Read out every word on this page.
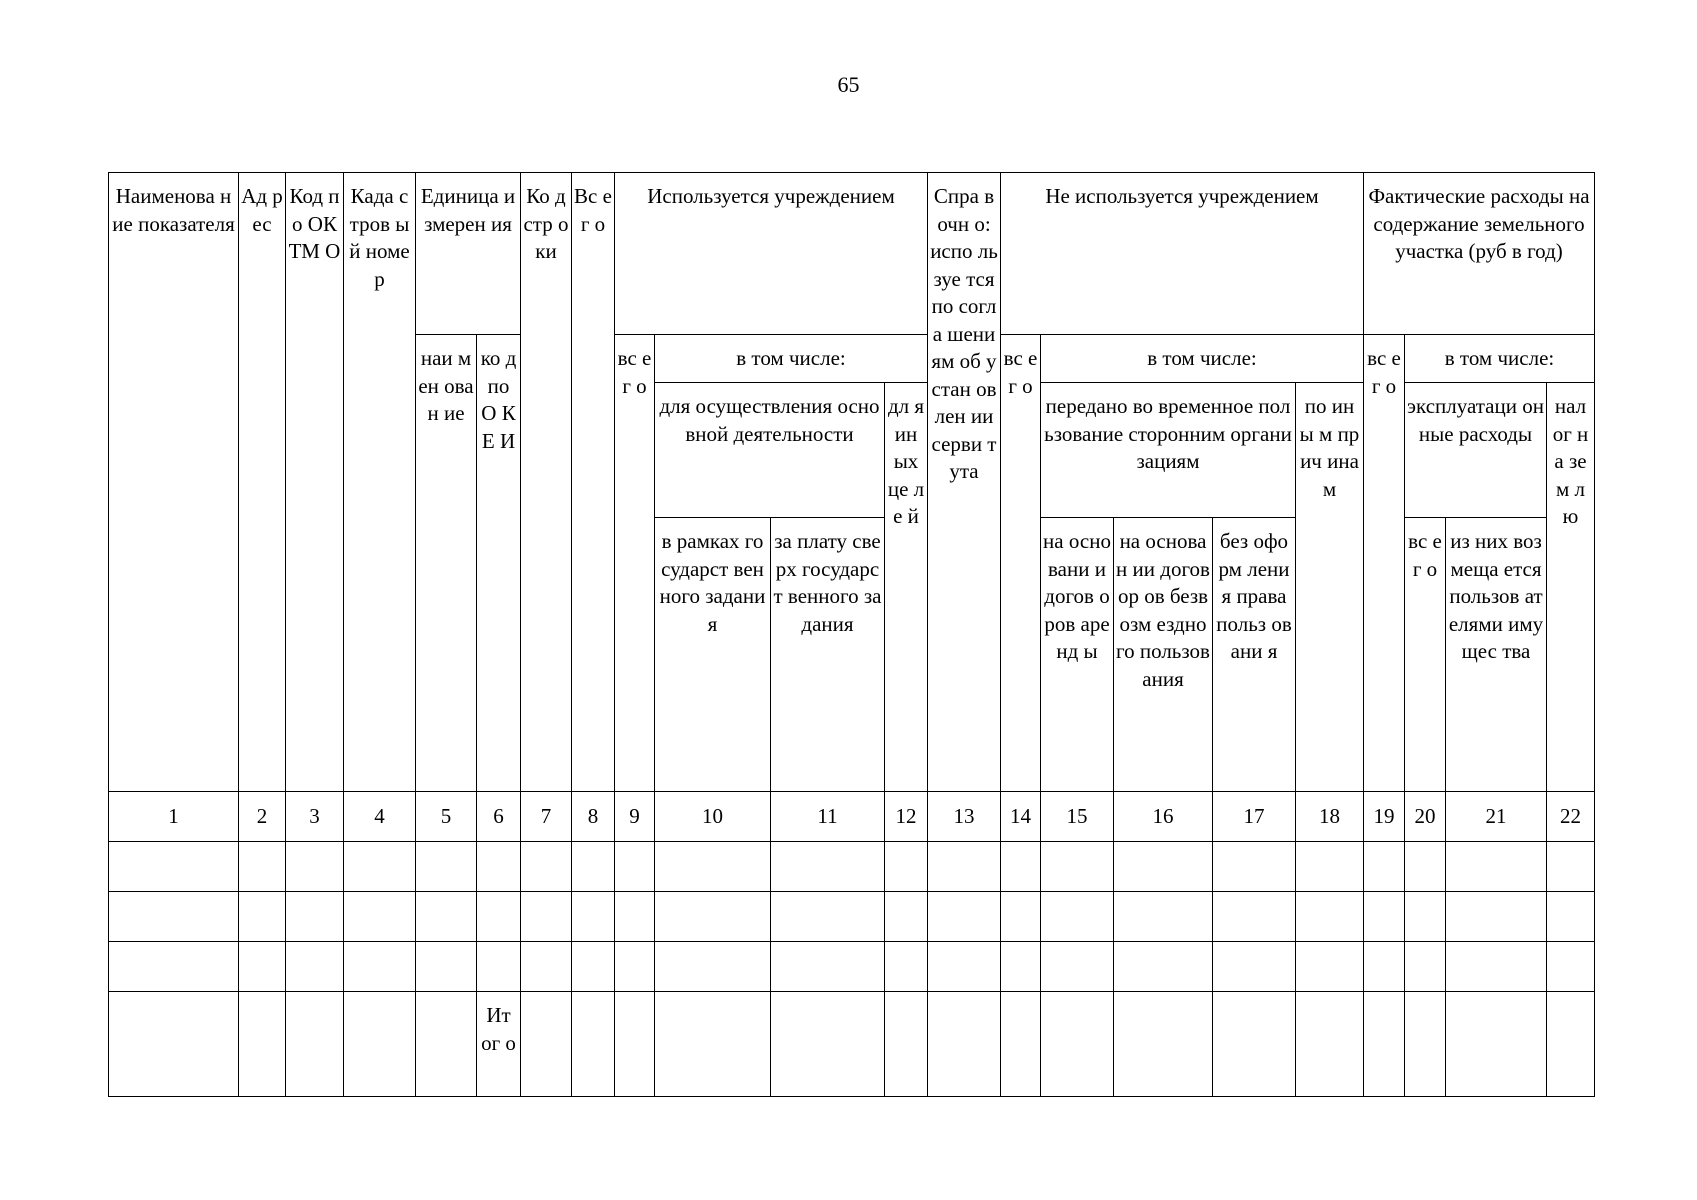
65
Наименова ние показателя	Ад рес	Код по ОК ТМ О	Када стров ый номе р	Единица измерен ия		Ко д стр оки	Вс ег о	Используется учреждением				Спра вочн о: испо льзуе тся по согла шени ям об устан овлен ии серви тута	Не используется учреждением					Фактические расходы на содержание земельного участка (руб в год)			

				наи мен ован ие	ко д по О КЕ И			вс ег о	в том числе:				вс ег о	в том числе:				вс ег о	в том числе:		

									для осуществления основной деятельности		дл я ин ых це ле й			передано во временное пользование сторонним организациям			по ины м прич инам		эксплуатаци онные расходы		нал ог на зем лю

									в рамках государст венного задания	за плату сверх государст венного задания				на осно вани и догов оров аренд ы	на основан ии договор ов безвозм ездного пользов ания	без оформ ления права польз овани я			вс ег о	из них возмеща ется пользов ателями имущес тва	

1	2	3	4	5	6	7	8	9	10	11	12	13	14	15	16	17	18	19	20	21	22

					Ит ог о																
